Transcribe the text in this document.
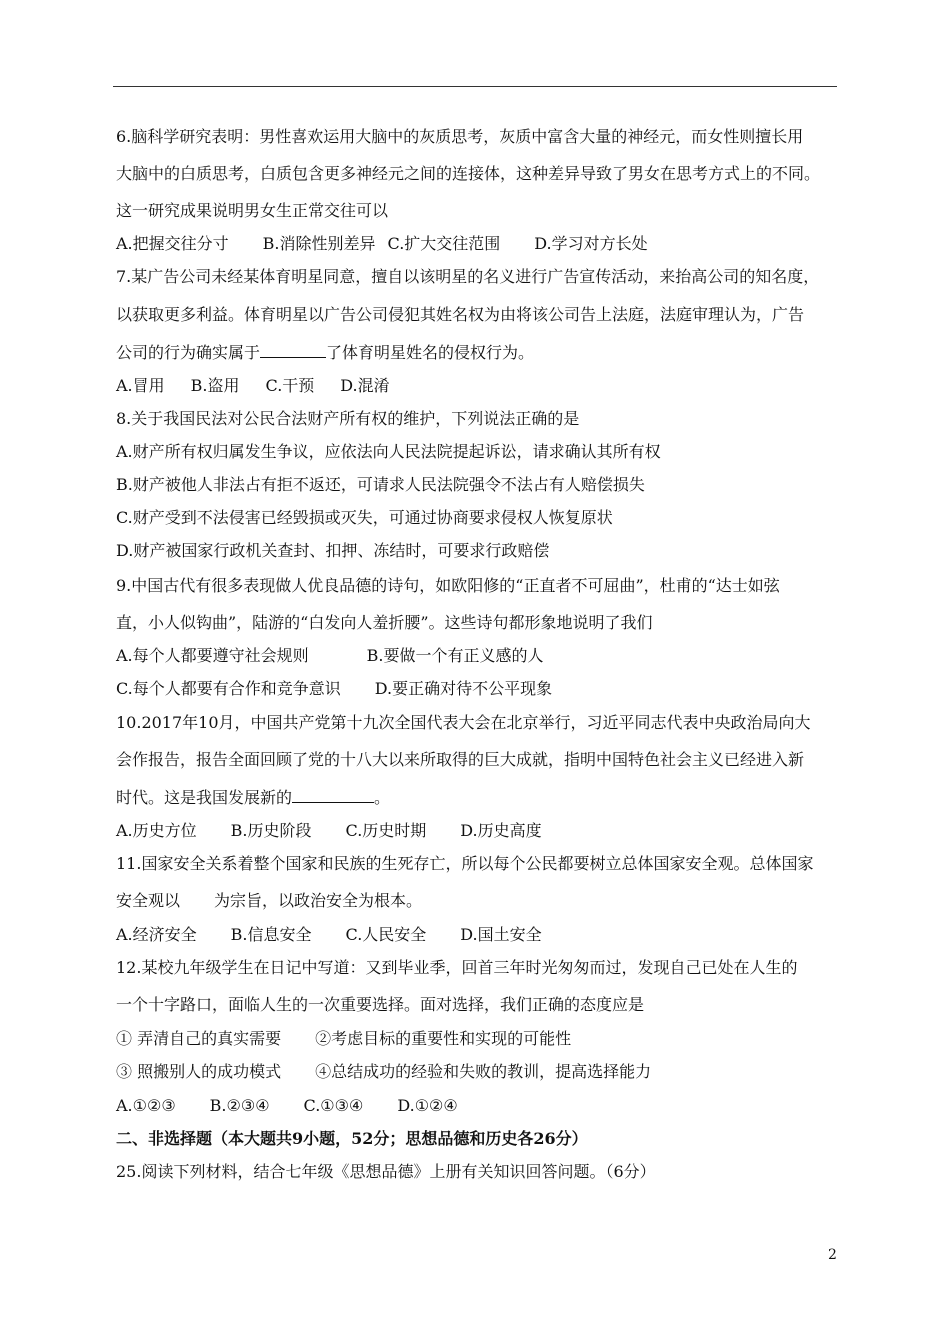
6.脑科学研究表明：男性喜欢运用大脑中的灰质思考，灰质中富含大量的神经元，而女性则擅长用
大脑中的白质思考，白质包含更多神经元之间的连接体，这种差异导致了男女在思考方式上的不同。
这一研究成果说明男女生正常交往可以
A.把握交往分寸 B.消除性别差异 C.扩大交往范围 D.学习对方长处
7.某广告公司未经某体育明星同意，擅自以该明星的名义进行广告宣传活动，来抬高公司的知名度，
以获取更多利益。体育明星以广告公司侵犯其姓名权为由将该公司告上法庭，法庭审理认为，广告
公司的行为确实属于	了体育明星姓名的侵权行为。
A.冒用 B.盗用 C.干预 D.混淆
8.关于我国民法对公民合法财产所有权的维护，下列说法正确的是
A.财产所有权归属发生争议，应依法向人民法院提起诉讼，请求确认其所有权
B.财产被他人非法占有拒不返还，可请求人民法院强令不法占有人赔偿损失
C.财产受到不法侵害已经毁损或灭失，可通过协商要求侵权人恢复原状
D.财产被国家行政机关查封、扣押、冻结时，可要求行政赔偿
9.中国古代有很多表现做人优良品德的诗句，如欧阳修的“正直者不可屈曲”，杜甫的“达士如弦
直，小人似钩曲”，陆游的“白发向人羞折腰”。这些诗句都形象地说明了我们
A.每个人都要遵守社会规则	B.要做一个有正义感的人
C.每个人都要有合作和竞争意识 D.要正确对待不公平现象
10.2017年10月，中国共产党第十九次全国代表大会在北京举行，习近平同志代表中央政治局向大
会作报告，报告全面回顾了党的十八大以来所取得的巨大成就，指明中国特色社会主义已经进入新
时代。这是我国发展新的	。
A.历史方位 B.历史阶段 C.历史时期 D.历史高度
11.国家安全关系着整个国家和民族的生死存亡，所以每个公民都要树立总体国家安全观。总体国家
安全观以 为宗旨，以政治安全为根本。
A.经济安全 B.信息安全 C.人民安全 D.国土安全
12.某校九年级学生在日记中写道：又到毕业季，回首三年时光匆匆而过，发现自己已处在人生的
一个十字路口，面临人生的一次重要选择。面对选择，我们正确的态度应是
① 弄清自己的真实需要 ②考虑目标的重要性和实现的可能性
③ 照搬别人的成功模式 ④总结成功的经验和失败的教训，提高选择能力
A.①②③ B.②③④ C.①③④ D.①②④
二、非选择题（本大题共9小题，52分；思想品德和历史各26分）
25.阅读下列材料，结合七年级《思想品德》上册有关知识回答问题。（6分）
2
